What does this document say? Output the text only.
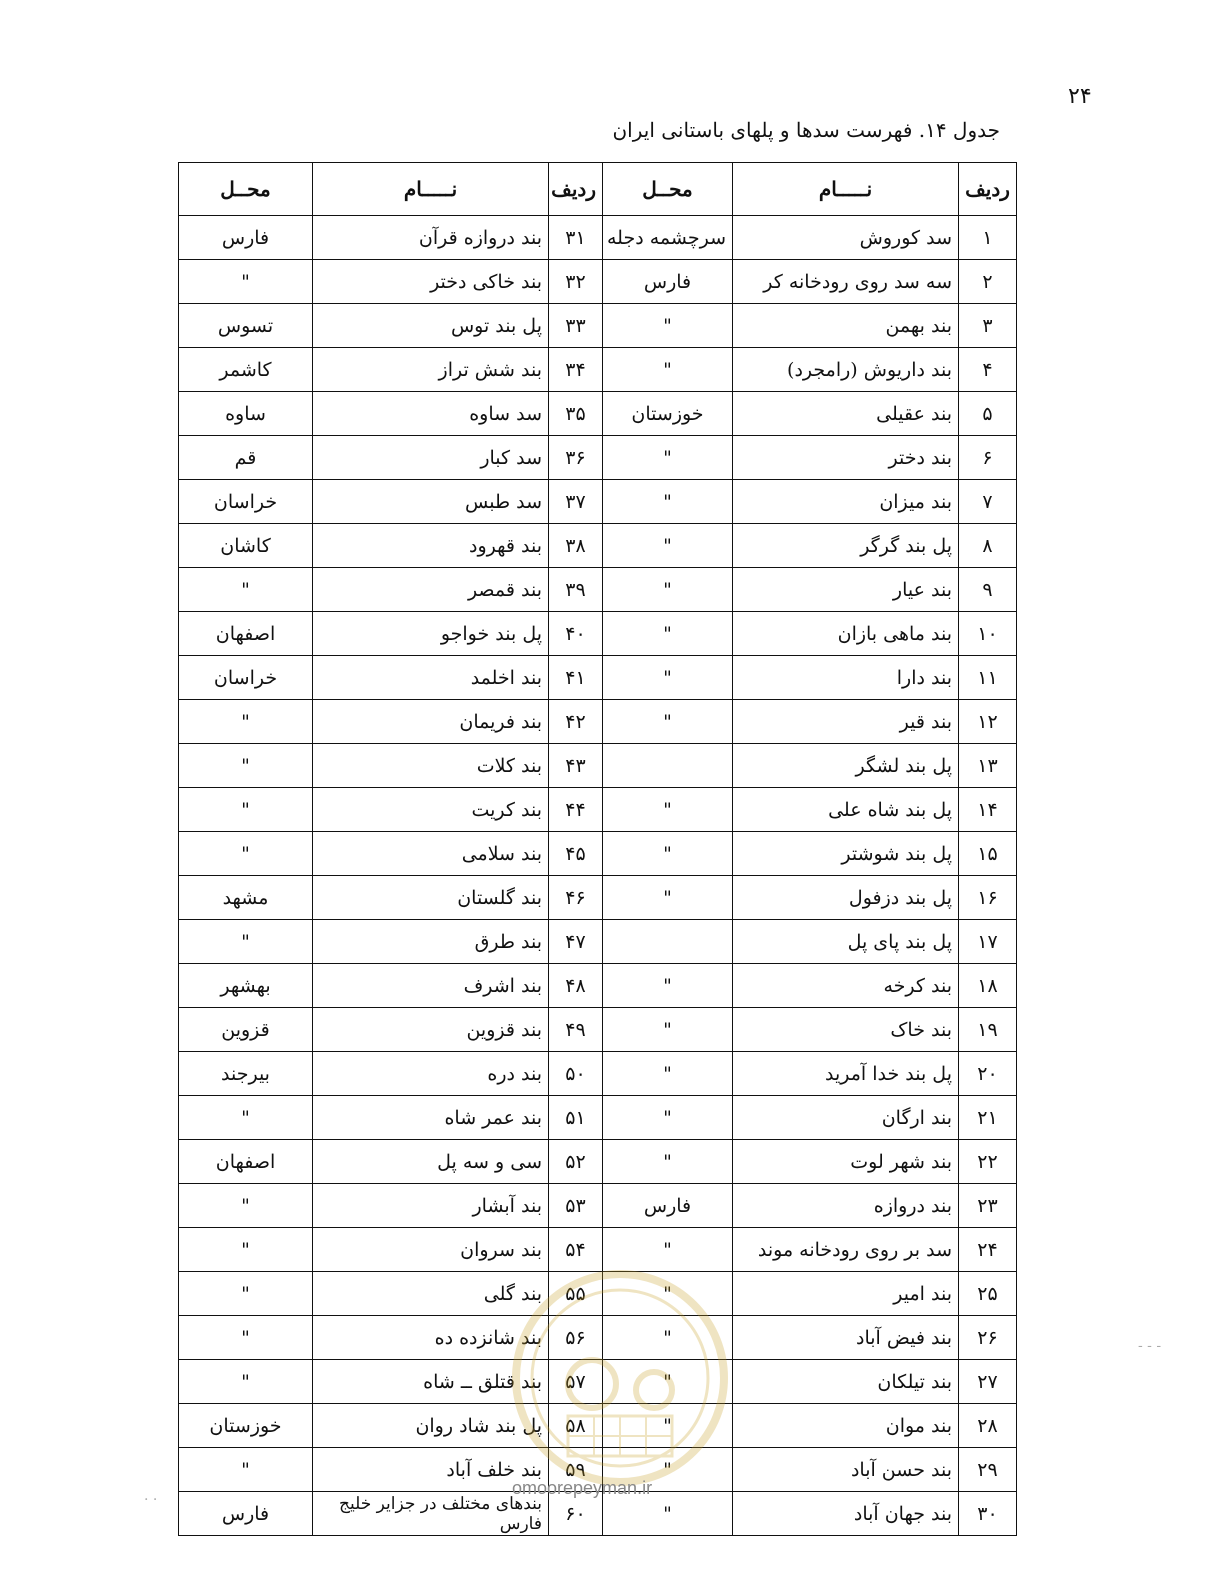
۲۴
جدول ۱۴. فهرست سدها و پلهای باستانی ایران
ردیف	نـــــام	محــل	ردیف	نـــــام	محــل
۱	سد کوروش	سرچشمه دجله	۳۱	بند دروازه قرآن	فارس
۲	سه سد روی رودخانه کر	فارس	۳۲	بند خاکی دختر	"
۳	بند بهمن	"	۳۳	پل بند توس	تسوس
۴	بند داریوش (رامجرد)	"	۳۴	بند شش تراز	کاشمر
۵	بند عقیلی	خوزستان	۳۵	سد ساوه	ساوه
۶	بند دختر	"	۳۶	سد کبار	قم
۷	بند میزان	"	۳۷	سد طبس	خراسان
۸	پل بند گرگر	"	۳۸	بند قهرود	کاشان
۹	بند عیار	"	۳۹	بند قمصر	"
۱۰	بند ماهی بازان	"	۴۰	پل بند خواجو	اصفهان
۱۱	بند دارا	"	۴۱	بند اخلمد	خراسان
۱۲	بند قیر	"	۴۲	بند فریمان	"
۱۳	پل بند لشگر		۴۳	بند کلات	"
۱۴	پل بند شاه علی	"	۴۴	بند کریت	"
۱۵	پل بند شوشتر	"	۴۵	بند سلامی	"
۱۶	پل بند دزفول	"	۴۶	بند گلستان	مشهد
۱۷	پل بند پای پل		۴۷	بند طرق	"
۱۸	بند کرخه	"	۴۸	بند اشرف	بهشهر
۱۹	بند خاک	"	۴۹	بند قزوین	قزوین
۲۰	پل بند خدا آمرید	"	۵۰	بند دره	بیرجند
۲۱	بند ارگان	"	۵۱	بند عمر شاه	"
۲۲	بند شهر لوت	"	۵۲	سی و سه پل	اصفهان
۲۳	بند دروازه	فارس	۵۳	بند آبشار	"
۲۴	سد بر روی رودخانه موند	"	۵۴	بند سروان	"
۲۵	بند امیر	"	۵۵	بند گلی	"
۲۶	بند فیض آباد	"	۵۶	بند شانزده ده	"
۲۷	بند تیلکان	"	۵۷	بند قتلق ــ شاه	"
۲۸	بند موان	"	۵۸	پل بند شاد روان	خوزستان
۲۹	بند حسن آباد	"	۵۹	بند خلف آباد	"
۳۰	بند جهان آباد	"	۶۰	بندهای مختلف در جزایر خلیج فارس	فارس
omoorepeyman.ir
- - -
. .
